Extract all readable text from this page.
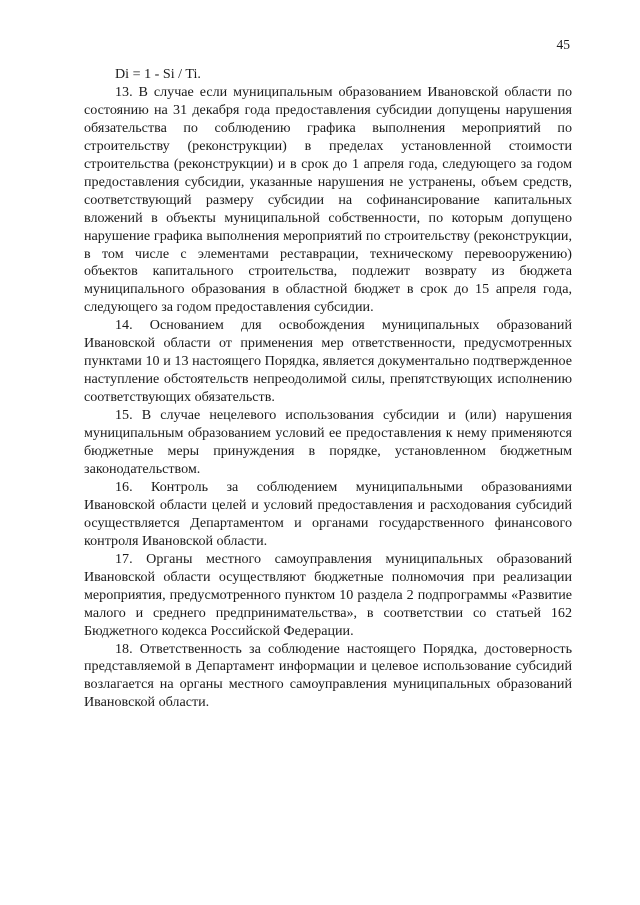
45

Di = 1 - Si / Ti.

13. В случае если муниципальным образованием Ивановской области по состоянию на 31 декабря года предоставления субсидии допущены нарушения обязательства по соблюдению графика выполнения мероприятий по строительству (реконструкции) в пределах установленной стоимости строительства (реконструкции) и в срок до 1 апреля года, следующего за годом предоставления субсидии, указанные нарушения не устранены, объем средств, соответствующий размеру субсидии на софинансирование капитальных вложений в объекты муниципальной собственности, по которым допущено нарушение графика выполнения мероприятий по строительству (реконструкции, в том числе с элементами реставрации, техническому перевооружению) объектов капитального строительства, подлежит возврату из бюджета муниципального образования в областной бюджет в срок до 15 апреля года, следующего за годом предоставления субсидии.

14. Основанием для освобождения муниципальных образований Ивановской области от применения мер ответственности, предусмотренных пунктами 10 и 13 настоящего Порядка, является документально подтвержденное наступление обстоятельств непреодолимой силы, препятствующих исполнению соответствующих обязательств.

15. В случае нецелевого использования субсидии и (или) нарушения муниципальным образованием условий ее предоставления к нему применяются бюджетные меры принуждения в порядке, установленном бюджетным законодательством.

16. Контроль за соблюдением муниципальными образованиями Ивановской области целей и условий предоставления и расходования субсидий осуществляется Департаментом и органами государственного финансового контроля Ивановской области.

17. Органы местного самоуправления муниципальных образований Ивановской области осуществляют бюджетные полномочия при реализации мероприятия, предусмотренного пунктом 10 раздела 2 подпрограммы «Развитие малого и среднего предпринимательства», в соответствии со статьей 162 Бюджетного кодекса Российской Федерации.

18. Ответственность за соблюдение настоящего Порядка, достоверность представляемой в Департамент информации и целевое использование субсидий возлагается на органы местного самоуправления муниципальных образований Ивановской области.
